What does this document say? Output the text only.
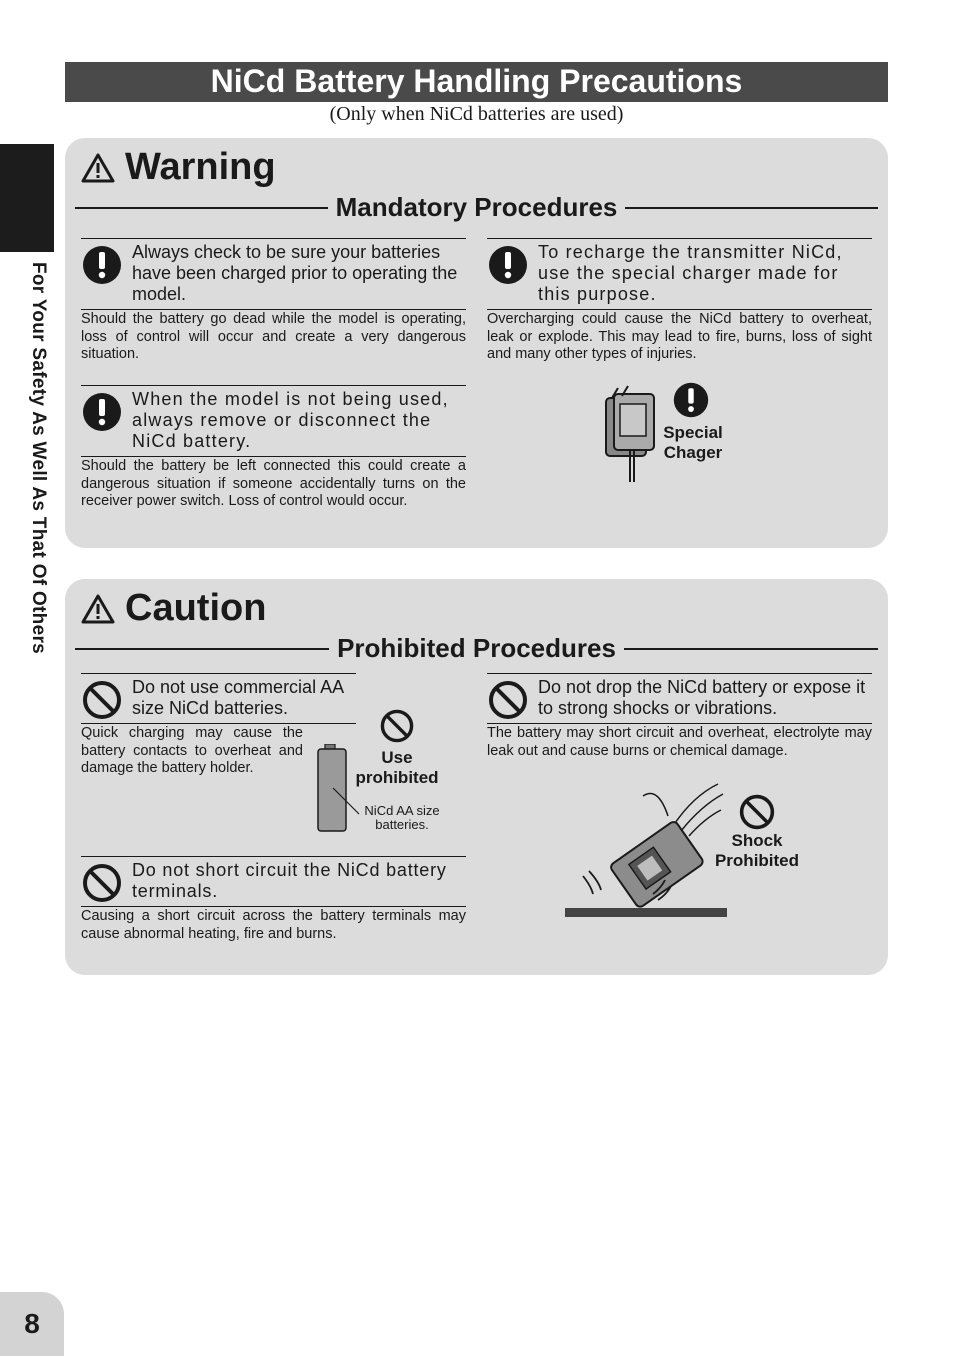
NiCd Battery Handling Precautions
(Only when NiCd batteries are used)
For Your Safety As Well As That Of Others
8
Warning
Mandatory Procedures
Always check to be sure your batteries have been charged prior to operating the model.
Should the battery go dead while the model is operating, loss of control will occur and create a very dangerous situation.
To recharge the transmitter NiCd, use the special charger made for this purpose.
Overcharging could cause the NiCd battery to overheat, leak or explode. This may lead to fire, burns, loss of sight and many other types of injuries.
When the model is not being used, always remove or disconnect the NiCd battery.
Should the battery be left connected this could create a dangerous situation if someone accidentally turns on the receiver power switch. Loss of control would occur.
Special
Chager
Caution
Prohibited Procedures
Do not use commercial AA size NiCd batteries.
Quick charging may cause the battery contacts to overheat and damage the battery holder.
Use
prohibited
NiCd AA size
batteries.
Do not drop the NiCd battery or expose it to strong shocks or vibrations.
The battery may short circuit and overheat, electrolyte may leak out and cause burns or chemical damage.
Shock
Prohibited
Do not short circuit the NiCd battery terminals.
Causing a short circuit across the battery terminals may cause abnormal heating, fire and burns.
